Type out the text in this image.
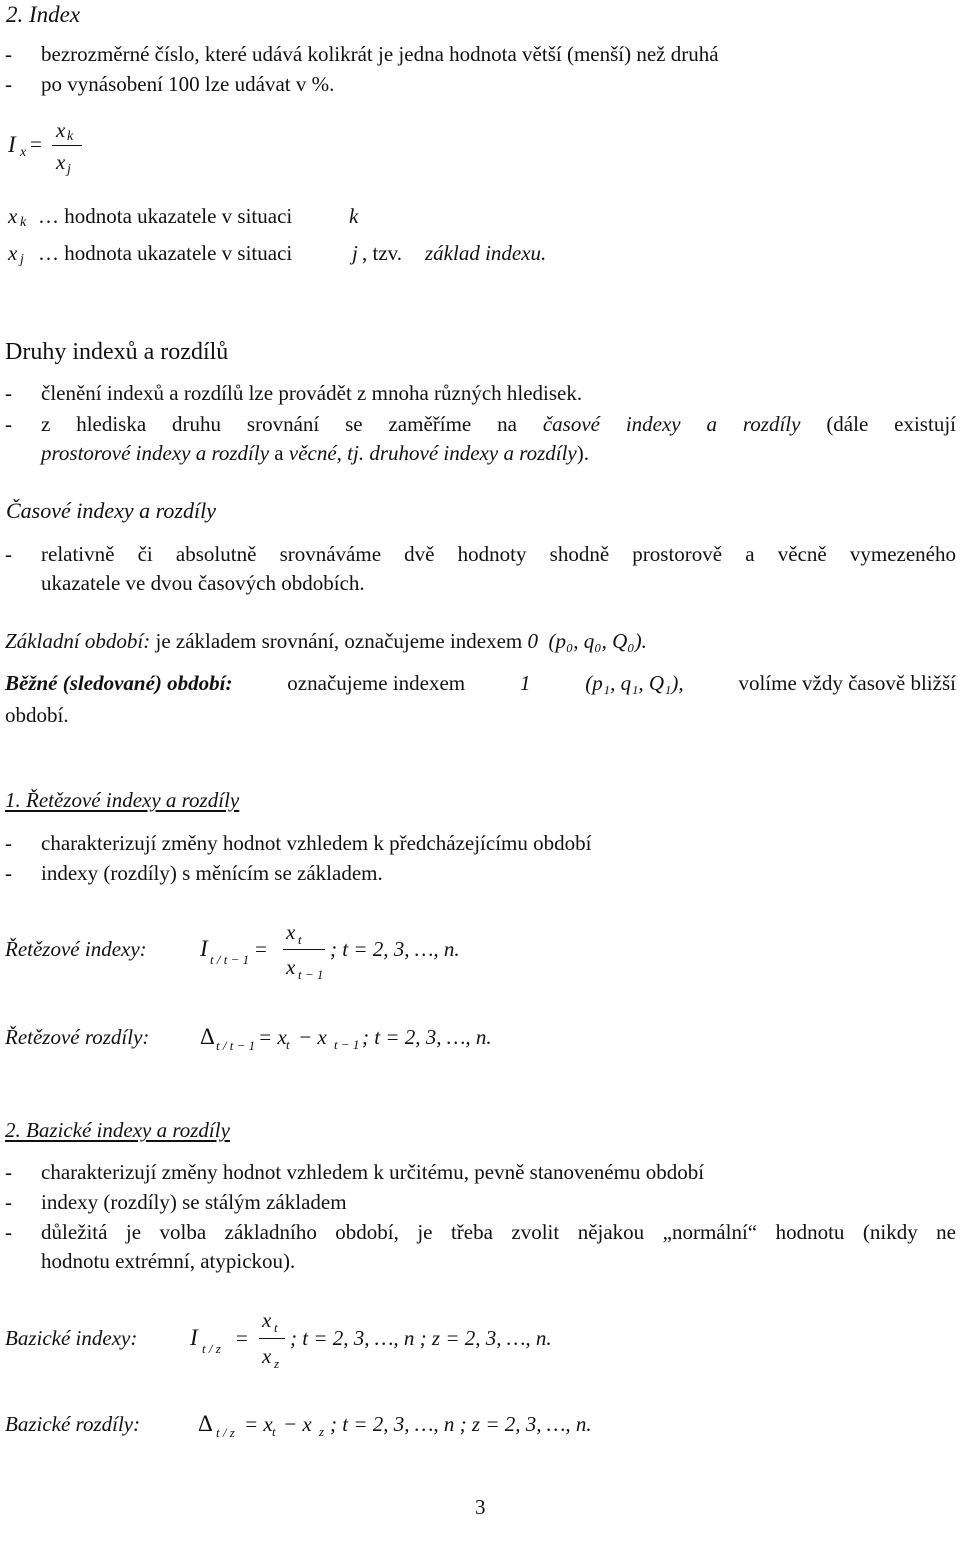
2. Index
- bezrozměrné číslo, které udává kolikrát je jedna hodnota větší (menší) než druhá
- po vynásobení 100 lze udávat v %.
I x =
x k
x j
x k … hodnota ukazatele v situaci	k
x j … hodnota ukazatele v situaci	j , tzv. základ indexu.
Druhy indexů a rozdílů
- členění indexů a rozdílů lze provádět z mnoha různých hledisek.
- z hlediska druhu srovnání se zaměříme na časové indexy a rozdíly (dále existují
prostorové indexy a rozdíly a věcné, tj. druhové indexy a rozdíly).
Časové indexy a rozdíly
- relativně či absolutně srovnáváme dvě hodnoty shodně prostorově a věcně vymezeného
ukazatele ve dvou časových obdobích.
Základní období: je základem srovnání, označujeme indexem 0 (p₀, q₀, Q₀).
Běžné (sledované) období:	označujeme indexem	1	(p₁, q₁, Q₁),	volíme vždy časově bližší
období.
1. Řetězové indexy a rozdíly
- charakterizují změny hodnot vzhledem k předcházejícímu období
- indexy (rozdíly) s měnícím se základem.
Řetězové indexy: I t / t − 1 =
x t
x t − 1
; t = 2, 3, …, n.
Řetězové rozdíly: Δ t / t − 1 = x t − x t − 1 ; t = 2, 3, …, n.
2. Bazické indexy a rozdíly
- charakterizují změny hodnot vzhledem k určitému, pevně stanovenému období
- indexy (rozdíly) se stálým základem
- důležitá je volba základního období, je třeba zvolit nějakou „normální“ hodnotu (nikdy ne
hodnotu extrémní, atypickou).
Bazické indexy: I t / z =
x t
x z
; t = 2, 3, …, n ; z = 2, 3, …, n.
Bazické rozdíly:	Δ t / z = x t − x z ; t = 2, 3, …, n ; z = 2, 3, …, n.
3
